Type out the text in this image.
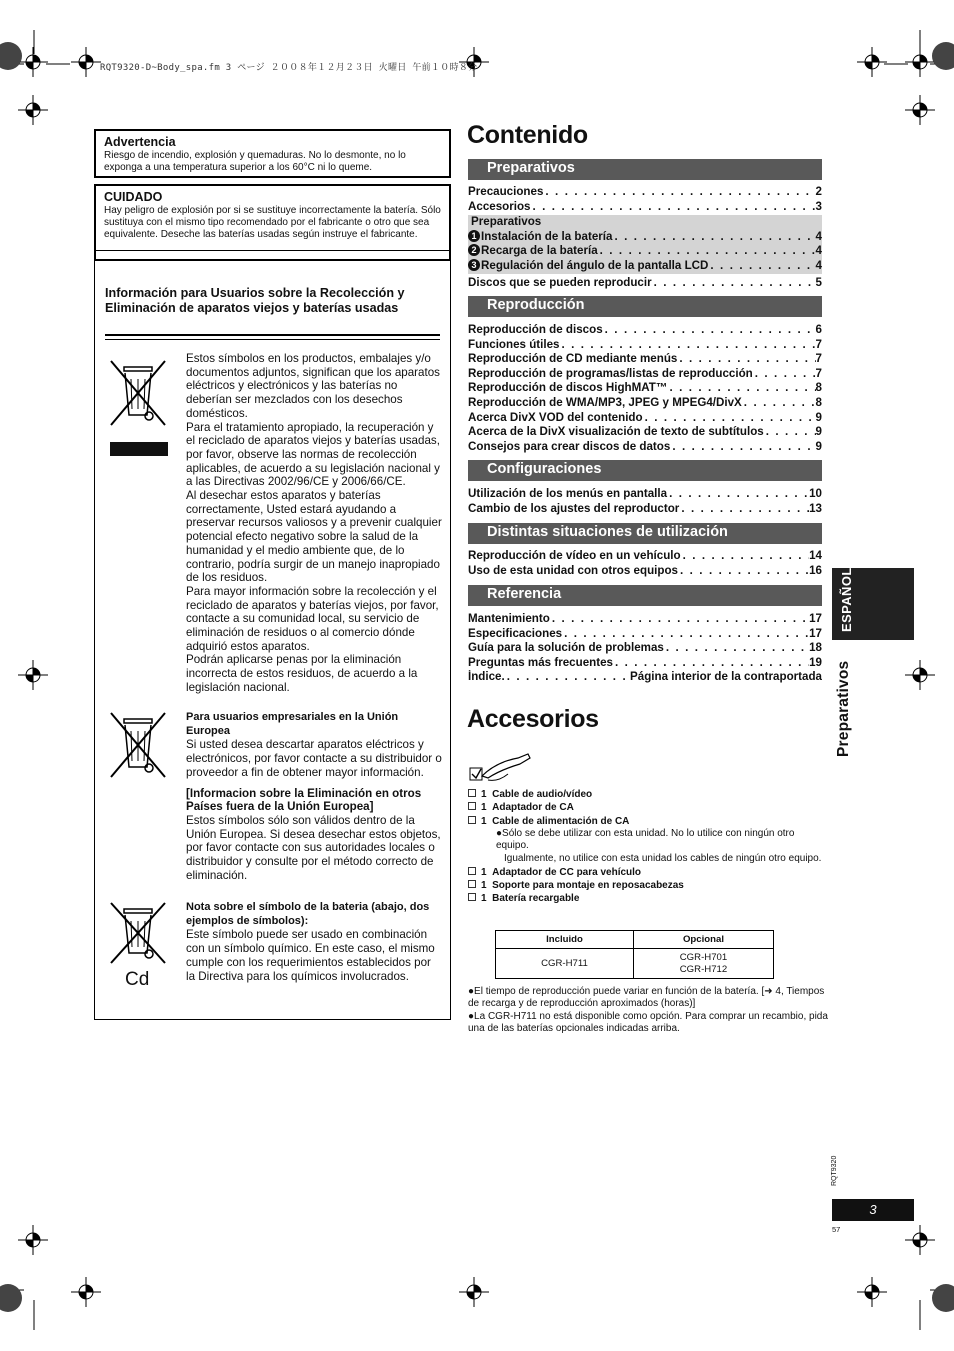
RQT9320-D~Body_spa.fm 3 ページ ２００８年１２月２３日 火曜日 午前１０時８分
Advertencia

Riesgo de incendio, explosión y quemaduras. No lo desmonte, no lo exponga a una temperatura superior a los 60°C ni lo queme.

CUIDADO

Hay peligro de explosión por si se sustituye incorrectamente la batería. Sólo sustituya con el mismo tipo recomendado por el fabricante o otro que sea equivalente. Deseche las baterías usadas según instruye el fabricante.

Información para Usuarios sobre la Recolección y Eliminación de aparatos viejos y baterías usadas
Estos símbolos en los productos, embalajes y/o documentos adjuntos, significan que los aparatos eléctricos y electrónicos y las baterías no deberían ser mezclados con los desechos domésticos.
Para el tratamiento apropiado, la recuperación y el reciclado de aparatos viejos y baterías usadas, por favor, observe las normas de recolección aplicables, de acuerdo a su legislación nacional y a las Directivas 2002/96/CE y 2006/66/CE.
Al desechar estos aparatos y baterías correctamente, Usted estará ayudando a preservar recursos valiosos y a prevenir cualquier potencial efecto negativo sobre la salud de la humanidad y el medio ambiente que, de lo contrario, podría surgir de un manejo inapropiado de los residuos.
Para mayor información sobre la recolección y el reciclado de aparatos y baterías viejos, por favor, contacte a su comunidad local, su servicio de eliminación de residuos o al comercio dónde adquirió estos aparatos.
Podrán aplicarse penas por la eliminación incorrecta de estos residuos, de acuerdo a la legislación nacional.
Para usuarios empresariales en la Unión Europea
Si usted desea descartar aparatos eléctricos y electrónicos, por favor contacte a su distribuidor o proveedor a fin de obtener mayor información.
[Informacion sobre la Eliminación en otros Países fuera de la Unión Europea]
Estos símbolos sólo son válidos dentro de la Unión Europea. Si desea desechar estos objetos, por favor contacte con sus autoridades locales o distribuidor y consulte por el método correcto de eliminación.
Cd
Nota sobre el símbolo de la bateria (abajo, dos ejemplos de símbolos):
Este símbolo puede ser usado en combinación con un símbolo químico. En este caso, el mismo cumple con los requerimientos establecidos por la Directiva para los químicos involucrados.
Contenido
Preparativos
Precauciones . . .	2
Accesorios . . .	3
Preparativos
1 Instalación de la batería . . .	4
2 Recarga de la batería . . .	4
3 Regulación del ángulo de la pantalla LCD . . .	4
Discos que se pueden reproducir . . .	5
Reproducción
Reproducción de discos . . .	6
Funciones útiles . . .	7
Reproducción de CD mediante menús . . .	7
Reproducción de programas/listas de reproducción . . .	7
Reproducción de discos HighMAT™ . . .	8
Reproducción de WMA/MP3, JPEG y MPEG4/DivX . . .	8
Acerca DivX VOD del contenido . . .	9
Acerca de la DivX visualización de texto de subtítulos . . .	9
Consejos para crear discos de datos . . .	9
Configuraciones
Utilización de los menús en pantalla . . .	10
Cambio de los ajustes del reproductor . . .	13
Distintas situaciones de utilización
Reproducción de vídeo en un vehículo . . .	14
Uso de esta unidad con otros equipos . . .	16
Referencia
Mantenimiento . . .	17
Especificaciones . . .	17
Guía para la solución de problemas . . .	18
Preguntas más frecuentes . . .	19
Índice. . . .	Página interior de la contraportada
Accesorios
1 Cable de audio/vídeo
1 Adaptador de CA
1 Cable de alimentación de CA
●Sólo se debe utilizar con esta unidad. No lo utilice con ningún otro equipo.
Igualmente, no utilice con esta unidad los cables de ningún otro equipo.
1 Adaptador de CC para vehículo
1 Soporte para montaje en reposacabezas
1 Batería recargable
Incluido	Opcional
CGR-H711	CGR-H701
CGR-H712
●El tiempo de reproducción puede variar en función de la batería. [➜ 4, Tiempos de recarga y de reproducción aproximados (horas)]
●La CGR-H711 no está disponible como opción. Para comprar un recambio, pida una de las baterías opcionales indicadas arriba.
ESPAÑOL
Preparativos
RQT9320
3
57
